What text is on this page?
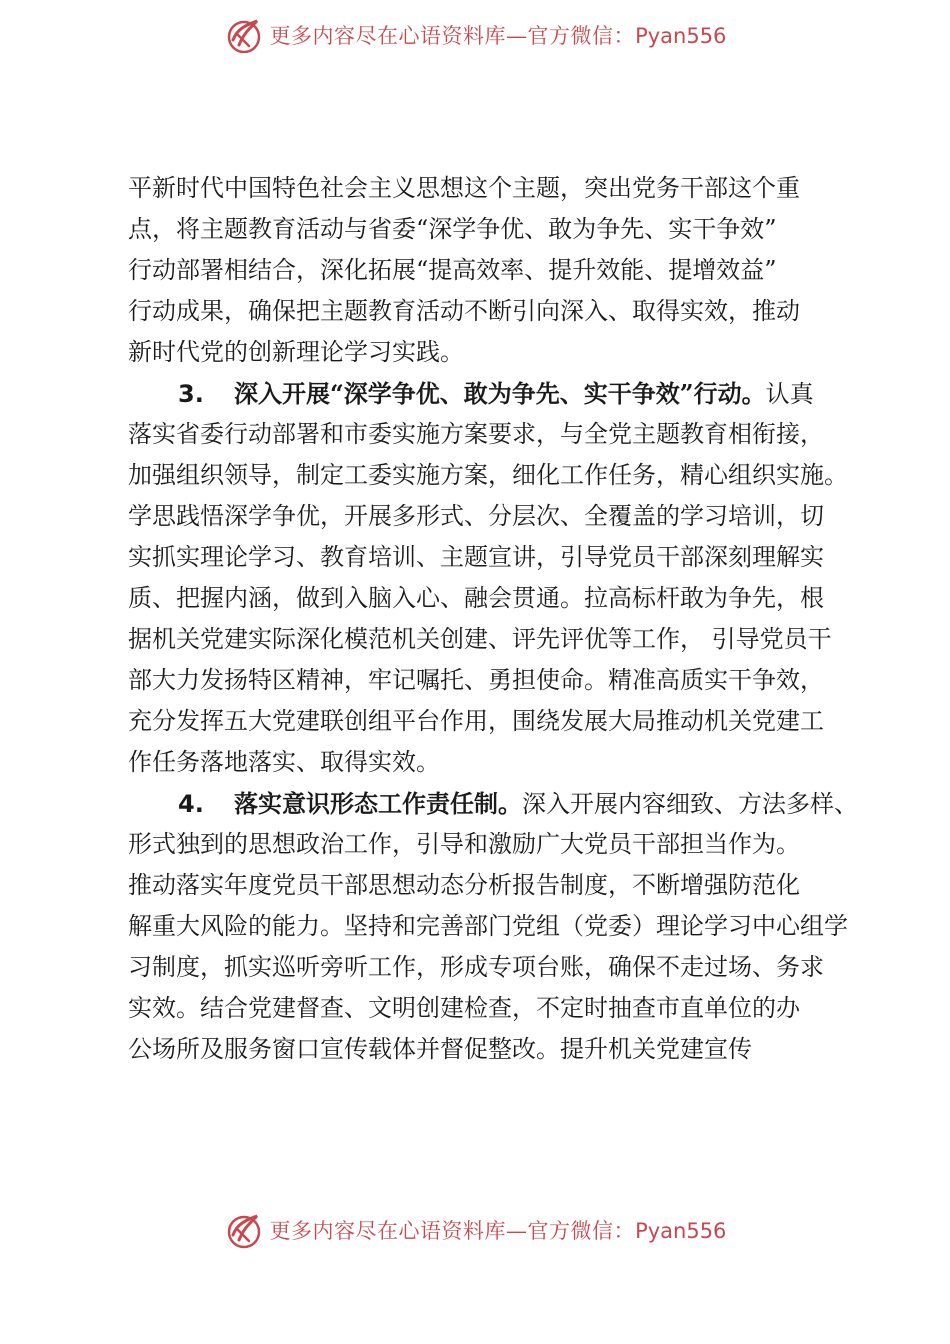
更多内容尽在心语资料库—官方微信：Pyan556
平新时代中国特色社会主义思想这个主题，突出党务干部这个重
点，将主题教育活动与省委“深学争优、敢为争先、实干争效”
行动部署相结合，深化拓展“提高效率、提升效能、提增效益”
行动成果，确保把主题教育活动不断引向深入、取得实效，推动
新时代党的创新理论学习实践。
3. 深入开展“深学争优、敢为争先、实干争效”行动。认真
落实省委行动部署和市委实施方案要求，与全党主题教育相衔接，
加强组织领导，制定工委实施方案，细化工作任务，精心组织实施。
学思践悟深学争优，开展多形式、分层次、全覆盖的学习培训，切
实抓实理论学习、教育培训、主题宣讲，引导党员干部深刻理解实
质、把握内涵，做到入脑入心、融会贯通。拉高标杆敢为争先，根
据机关党建实际深化模范机关创建、评先评优等工作， 引导党员干
部大力发扬特区精神，牢记嘱托、勇担使命。精准高质实干争效，
充分发挥五大党建联创组平台作用，围绕发展大局推动机关党建工
作任务落地落实、取得实效。
4. 落实意识形态工作责任制。深入开展内容细致、方法多样、
形式独到的思想政治工作，引导和激励广大党员干部担当作为。
推动落实年度党员干部思想动态分析报告制度，不断增强防范化
解重大风险的能力。坚持和完善部门党组（党委）理论学习中心组学
习制度，抓实巡听旁听工作，形成专项台账，确保不走过场、务求
实效。结合党建督查、文明创建检查，不定时抽查市直单位的办
公场所及服务窗口宣传载体并督促整改。提升机关党建宣传
更多内容尽在心语资料库—官方微信：Pyan556
